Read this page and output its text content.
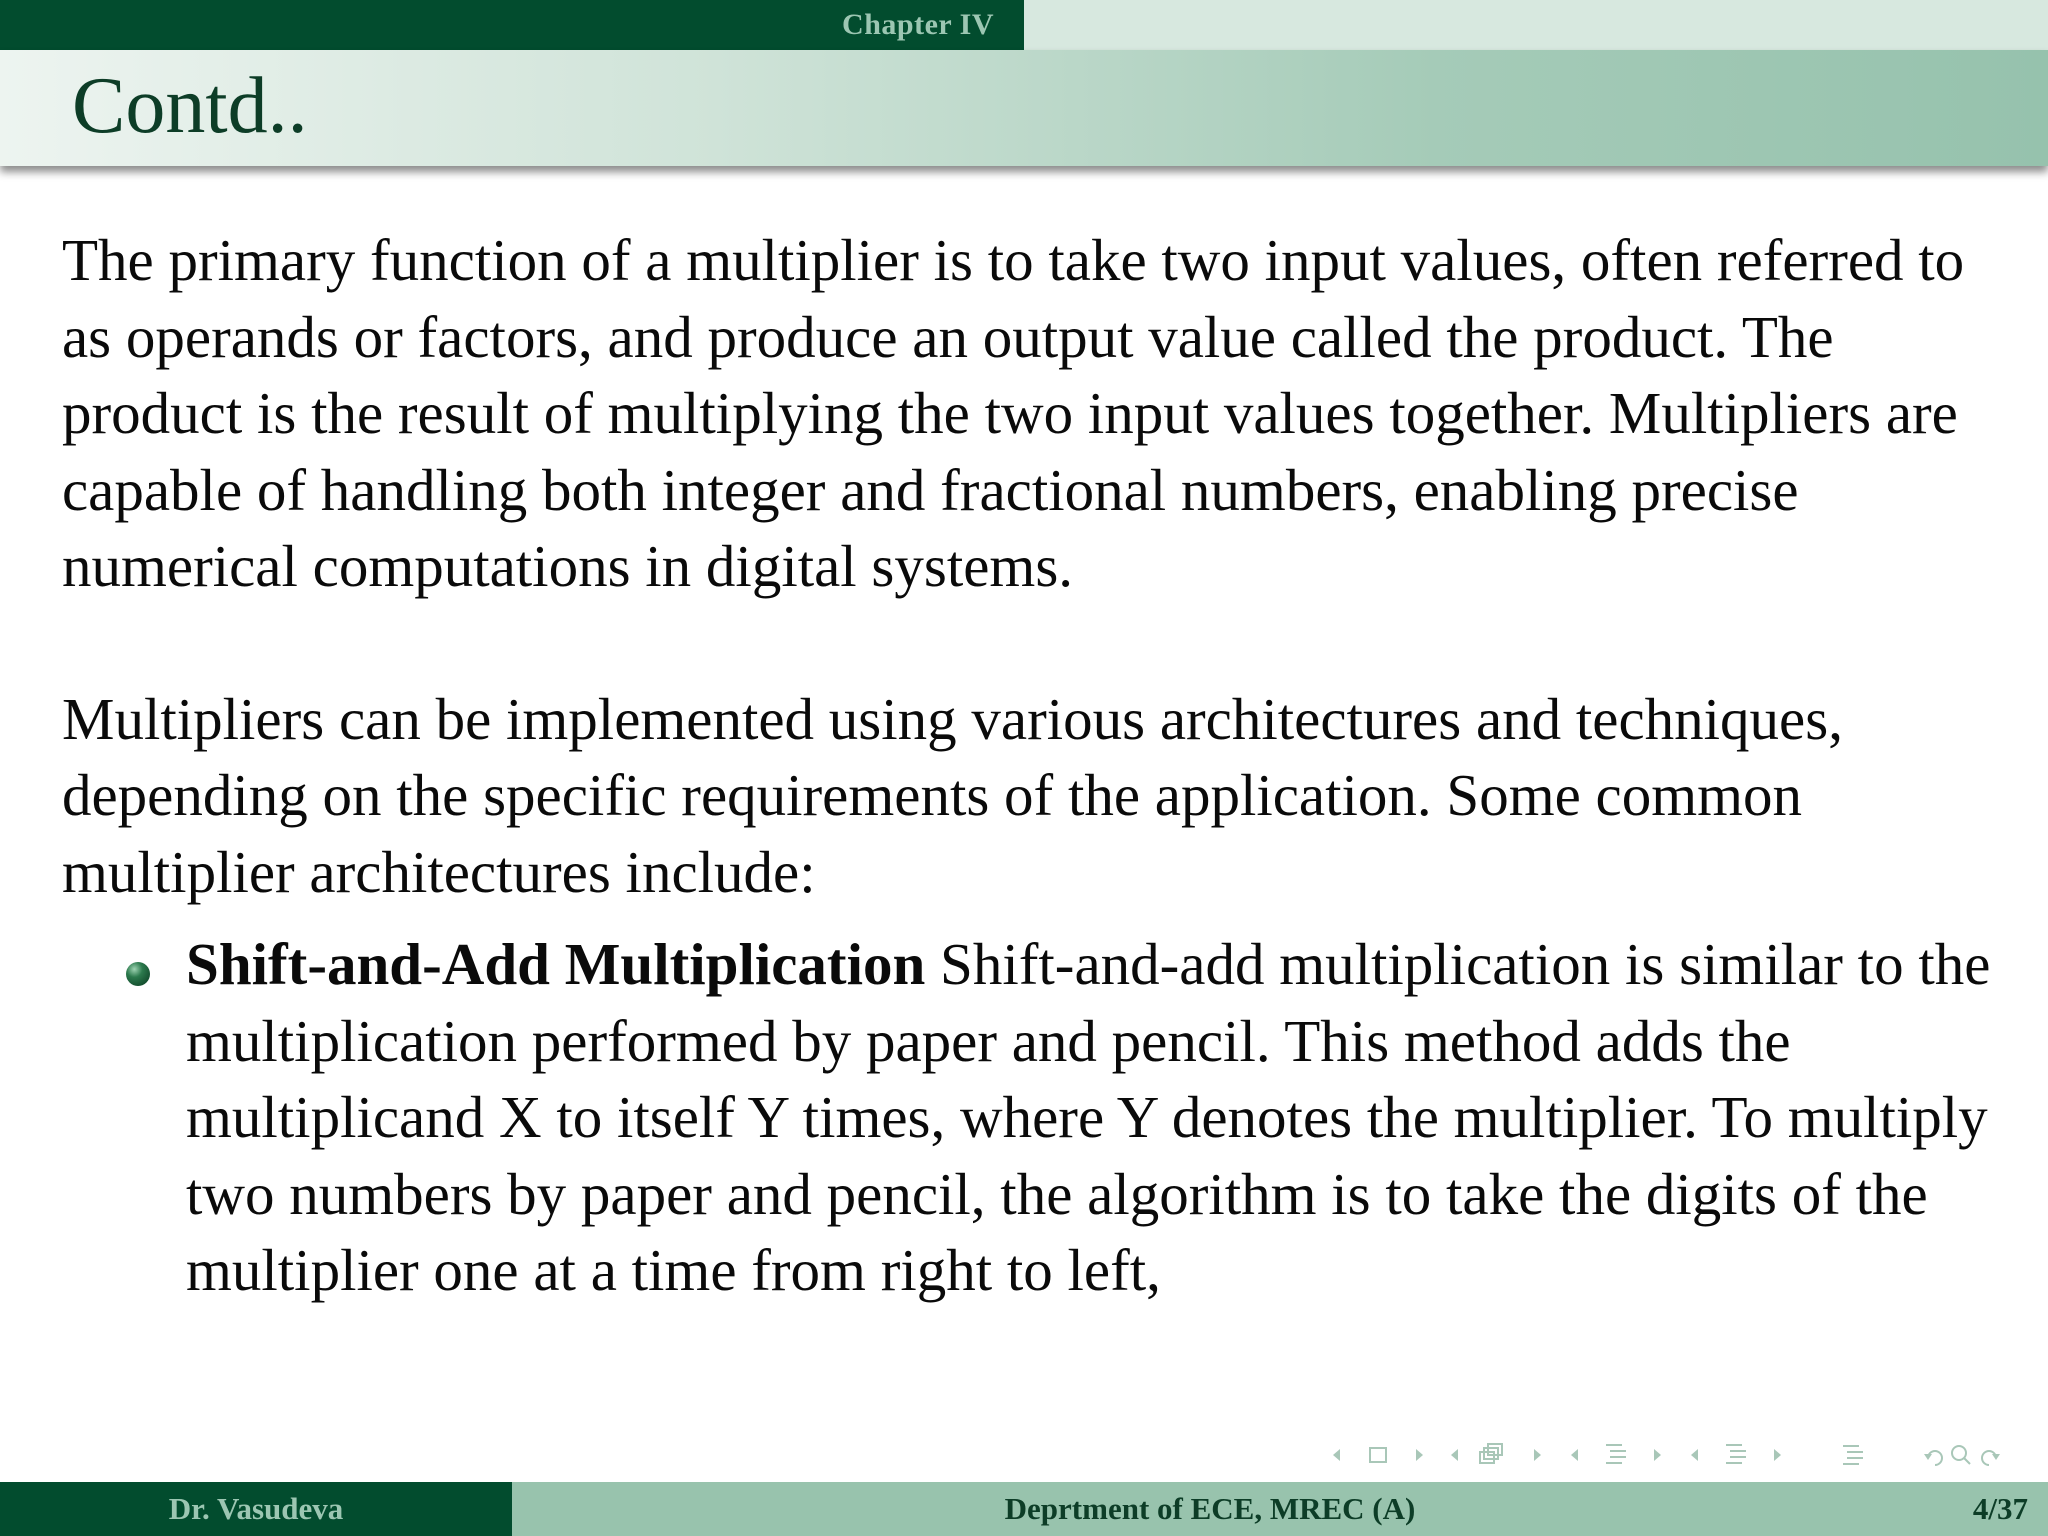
Chapter IV
Contd..

The primary function of a multiplier is to take two input values, often referred to as operands or factors, and produce an output value called the product. The product is the result of multiplying the two input values together. Multipliers are capable of handling both integer and fractional numbers, enabling precise numerical computations in digital systems.

Multipliers can be implemented using various architectures and techniques, depending on the specific requirements of the application. Some common multiplier architectures include:

Shift-and-Add Multiplication Shift-and-add multiplication is similar to the multiplication performed by paper and pencil. This method adds the multiplicand X to itself Y times, where Y denotes the multiplier. To multiply two numbers by paper and pencil, the algorithm is to take the digits of the multiplier one at a time from right to left,
Dr. Vasudeva	Deprtment of ECE, MREC (A)	4/37
